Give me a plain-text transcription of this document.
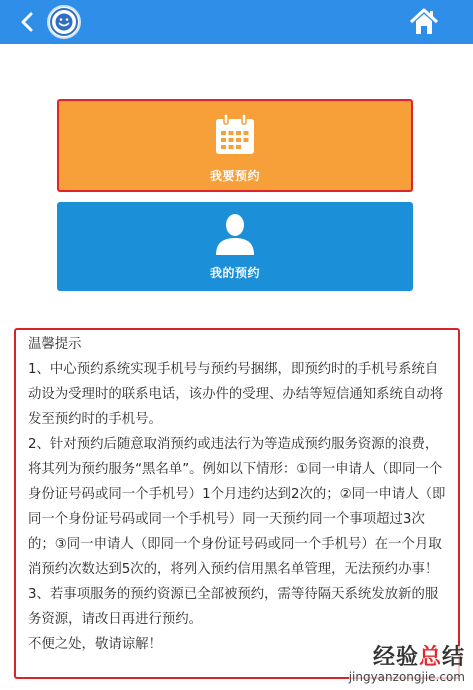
我要预约
我的预约

温馨提示

1、中心预约系统实现手机号与预约号捆绑，即预约时的手机号系统自动设为受理时的联系电话，该办件的受理、办结等短信通知系统自动将发至预约时的手机号。

2、针对预约后随意取消预约或违法行为等造成预约服务资源的浪费，将其列为预约服务“黑名单”。例如以下情形：①同一申请人（即同一个身份证号码或同一个手机号）1个月违约达到2次的；②同一申请人（即同一个身份证号码或同一个手机号）同一天预约同一个事项超过3次的；③同一申请人（即同一个身份证号码或同一个手机号）在一个月取消预约次数达到5次的，将列入预约信用黑名单管理，无法预约办事！

3、若事项服务的预约资源已全部被预约，需等待隔天系统发放新的服务资源，请改日再进行预约。

不便之处，敬请谅解！

经验总结
jingyanzongjie.com
